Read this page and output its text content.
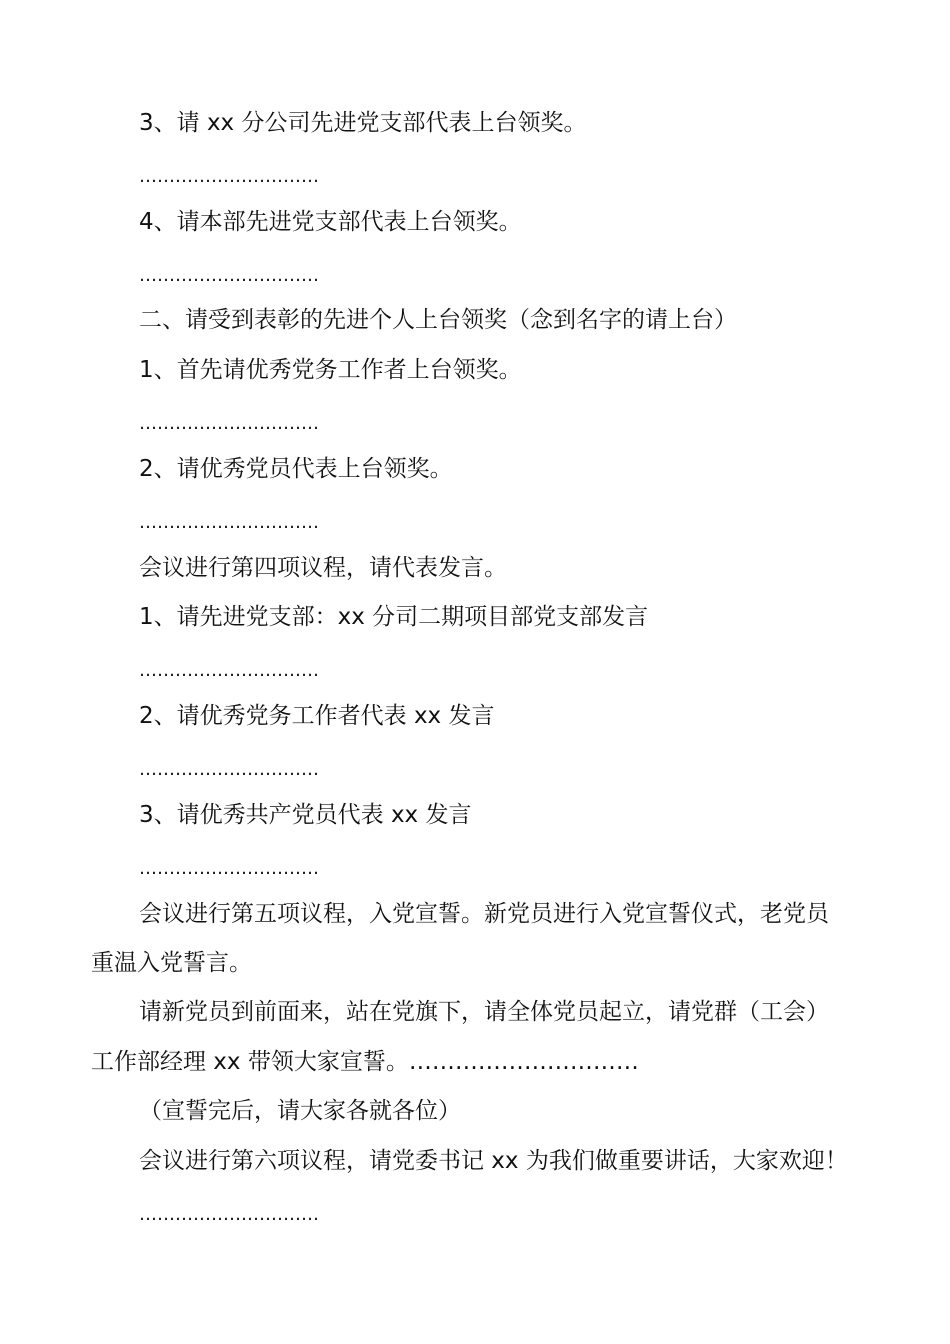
3、请 xx 分公司先进党支部代表上台领奖。
…………………………
4、请本部先进党支部代表上台领奖。
…………………………
二、请受到表彰的先进个人上台领奖（念到名字的请上台）
1、首先请优秀党务工作者上台领奖。
…………………………
2、请优秀党员代表上台领奖。
…………………………
会议进行第四项议程，请代表发言。
1、请先进党支部：xx 分司二期项目部党支部发言
…………………………
2、请优秀党务工作者代表 xx 发言
…………………………
3、请优秀共产党员代表 xx 发言
…………………………
会议进行第五项议程，入党宣誓。新党员进行入党宣誓仪式，老党员
重温入党誓言。
请新党员到前面来，站在党旗下，请全体党员起立，请党群（工会）
工作部经理 xx 带领大家宣誓。…………………………
（宣誓完后，请大家各就各位）
会议进行第六项议程，请党委书记 xx 为我们做重要讲话，大家欢迎！
…………………………
